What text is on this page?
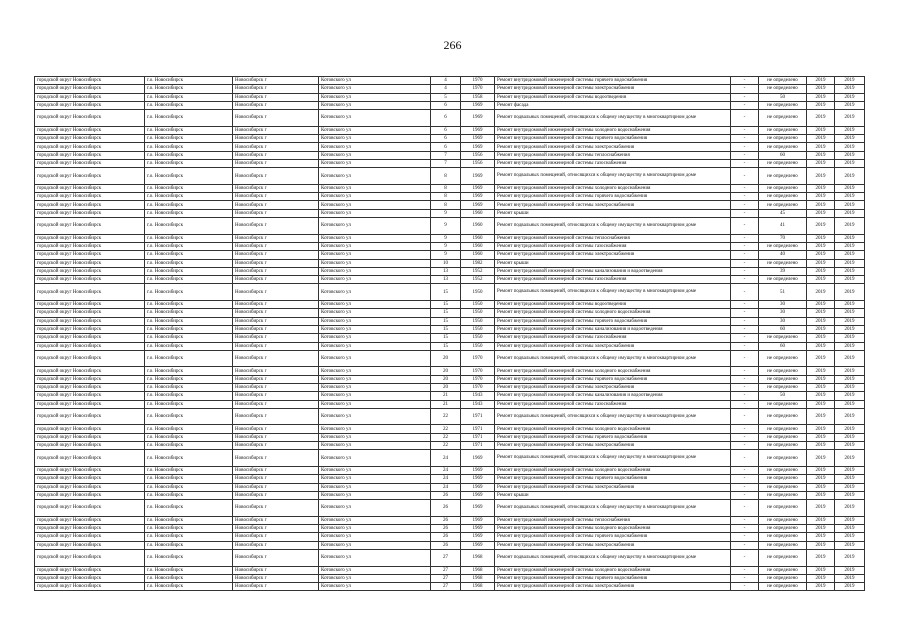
266
городской округ Новосибирск	г.о. Новосибирск	Новосибирск г	Котовского ул	4	1970	Ремонт внутридомовой инженерной системы горячего водоснабжения	-	не определено	2019	2019
городской округ Новосибирск	г.о. Новосибирск	Новосибирск г	Котовского ул	4	1970	Ремонт внутридомовой инженерной системы электроснабжения	-	не определено	2019	2019
городской округ Новосибирск	г.о. Новосибирск	Новосибирск г	Котовского ул	5	1958	Ремонт внутридомовой инженерной системы водоотведения	-	50	2019	2019
городской округ Новосибирск	г.о. Новосибирск	Новосибирск г	Котовского ул	6	1969	Ремонт фасада	-	не определено	2019	2019
городской округ Новосибирск	г.о. Новосибирск	Новосибирск г	Котовского ул	6	1969	Ремонт подвальных помещений, относящихся к общему имуществу в многоквартирном доме	-	не определено	2019	2019
городской округ Новосибирск	г.о. Новосибирск	Новосибирск г	Котовского ул	6	1969	Ремонт внутридомовой инженерной системы холодного водоснабжения	-	не определено	2019	2019
городской округ Новосибирск	г.о. Новосибирск	Новосибирск г	Котовского ул	6	1969	Ремонт внутридомовой инженерной системы горячего водоснабжения	-	не определено	2019	2019
городской округ Новосибирск	г.о. Новосибирск	Новосибирск г	Котовского ул	6	1969	Ремонт внутридомовой инженерной системы электроснабжения	-	не определено	2019	2019
городской округ Новосибирск	г.о. Новосибирск	Новосибирск г	Котовского ул	7	1956	Ремонт внутридомовой инженерной системы теплоснабжения	-	60	2019	2019
городской округ Новосибирск	г.о. Новосибирск	Новосибирск г	Котовского ул	7	1956	Ремонт внутридомовой инженерной системы газоснабжения	-	не определено	2019	2019
городской округ Новосибирск	г.о. Новосибирск	Новосибирск г	Котовского ул	8	1969	Ремонт подвальных помещений, относящихся к общему имуществу в многоквартирном доме	-	не определено	2019	2019
городской округ Новосибирск	г.о. Новосибирск	Новосибирск г	Котовского ул	8	1969	Ремонт внутридомовой инженерной системы холодного водоснабжения	-	не определено	2019	2019
городской округ Новосибирск	г.о. Новосибирск	Новосибирск г	Котовского ул	8	1969	Ремонт внутридомовой инженерной системы горячего водоснабжения	-	не определено	2019	2019
городской округ Новосибирск	г.о. Новосибирск	Новосибирск г	Котовского ул	8	1969	Ремонт внутридомовой инженерной системы электроснабжения	-	не определено	2019	2019
городской округ Новосибирск	г.о. Новосибирск	Новосибирск г	Котовского ул	9	1960	Ремонт крыши	-	45	2019	2019
городской округ Новосибирск	г.о. Новосибирск	Новосибирск г	Котовского ул	9	1960	Ремонт подвальных помещений, относящихся к общему имуществу в многоквартирном доме	-	41	2019	2019
городской округ Новосибирск	г.о. Новосибирск	Новосибирск г	Котовского ул	9	1960	Ремонт внутридомовой инженерной системы теплоснабжения	-	70	2019	2019
городской округ Новосибирск	г.о. Новосибирск	Новосибирск г	Котовского ул	9	1960	Ремонт внутридомовой инженерной системы газоснабжения	-	не определено	2019	2019
городской округ Новосибирск	г.о. Новосибирск	Новосибирск г	Котовского ул	9	1960	Ремонт внутридомовой инженерной системы электроснабжения	-	40	2019	2019
городской округ Новосибирск	г.о. Новосибирск	Новосибирск г	Котовского ул	10	1982	Ремонт крыши	-	не определено	2019	2019
городской округ Новосибирск	г.о. Новосибирск	Новосибирск г	Котовского ул	13	1952	Ремонт внутридомовой инженерной системы канализования и водоотведения	-	39	2019	2019
городской округ Новосибирск	г.о. Новосибирск	Новосибирск г	Котовского ул	13	1952	Ремонт внутридомовой инженерной системы газоснабжения	-	не определено	2019	2019
городской округ Новосибирск	г.о. Новосибирск	Новосибирск г	Котовского ул	15	1950	Ремонт подвальных помещений, относящихся к общему имуществу в многоквартирном доме	-	51	2019	2019
городской округ Новосибирск	г.о. Новосибирск	Новосибирск г	Котовского ул	15	1950	Ремонт внутридомовой инженерной системы водоотведения	-	30	2019	2019
городской округ Новосибирск	г.о. Новосибирск	Новосибирск г	Котовского ул	15	1950	Ремонт внутридомовой инженерной системы холодного водоснабжения	-	30	2019	2019
городской округ Новосибирск	г.о. Новосибирск	Новосибирск г	Котовского ул	15	1950	Ремонт внутридомовой инженерной системы горячего водоснабжения	-	30	2019	2019
городской округ Новосибирск	г.о. Новосибирск	Новосибирск г	Котовского ул	15	1950	Ремонт внутридомовой инженерной системы канализования и водоотведения	-	60	2019	2019
городской округ Новосибирск	г.о. Новосибирск	Новосибирск г	Котовского ул	15	1950	Ремонт внутридомовой инженерной системы газоснабжения	-	не определено	2019	2019
городской округ Новосибирск	г.о. Новосибирск	Новосибирск г	Котовского ул	15	1950	Ремонт внутридомовой инженерной системы электроснабжения	-	60	2019	2019
городской округ Новосибирск	г.о. Новосибирск	Новосибирск г	Котовского ул	20	1970	Ремонт подвальных помещений, относящихся к общему имуществу в многоквартирном доме	-	не определено	2019	2019
городской округ Новосибирск	г.о. Новосибирск	Новосибирск г	Котовского ул	20	1970	Ремонт внутридомовой инженерной системы холодного водоснабжения	-	не определено	2019	2019
городской округ Новосибирск	г.о. Новосибирск	Новосибирск г	Котовского ул	20	1970	Ремонт внутридомовой инженерной системы горячего водоснабжения	-	не определено	2019	2019
городской округ Новосибирск	г.о. Новосибирск	Новосибирск г	Котовского ул	20	1970	Ремонт внутридомовой инженерной системы электроснабжения	-	не определено	2019	2019
городской округ Новосибирск	г.о. Новосибирск	Новосибирск г	Котовского ул	21	1943	Ремонт внутридомовой инженерной системы канализования и водоотведения	-	50	2019	2019
городской округ Новосибирск	г.о. Новосибирск	Новосибирск г	Котовского ул	21	1943	Ремонт внутридомовой инженерной системы газоснабжения	-	не определено	2019	2019
городской округ Новосибирск	г.о. Новосибирск	Новосибирск г	Котовского ул	22	1971	Ремонт подвальных помещений, относящихся к общему имуществу в многоквартирном доме	-	не определено	2019	2019
городской округ Новосибирск	г.о. Новосибирск	Новосибирск г	Котовского ул	22	1971	Ремонт внутридомовой инженерной системы холодного водоснабжения	-	не определено	2019	2019
городской округ Новосибирск	г.о. Новосибирск	Новосибирск г	Котовского ул	22	1971	Ремонт внутридомовой инженерной системы горячего водоснабжения	-	не определено	2019	2019
городской округ Новосибирск	г.о. Новосибирск	Новосибирск г	Котовского ул	22	1971	Ремонт внутридомовой инженерной системы электроснабжения	-	не определено	2019	2019
городской округ Новосибирск	г.о. Новосибирск	Новосибирск г	Котовского ул	24	1969	Ремонт подвальных помещений, относящихся к общему имуществу в многоквартирном доме	-	не определено	2019	2019
городской округ Новосибирск	г.о. Новосибирск	Новосибирск г	Котовского ул	24	1969	Ремонт внутридомовой инженерной системы холодного водоснабжения	-	не определено	2019	2019
городской округ Новосибирск	г.о. Новосибирск	Новосибирск г	Котовского ул	24	1969	Ремонт внутридомовой инженерной системы горячего водоснабжения	-	не определено	2019	2019
городской округ Новосибирск	г.о. Новосибирск	Новосибирск г	Котовского ул	24	1969	Ремонт внутридомовой инженерной системы электроснабжения	-	не определено	2019	2019
городской округ Новосибирск	г.о. Новосибирск	Новосибирск г	Котовского ул	26	1969	Ремонт крыши	-	не определено	2019	2019
городской округ Новосибирск	г.о. Новосибирск	Новосибирск г	Котовского ул	26	1969	Ремонт подвальных помещений, относящихся к общему имуществу в многоквартирном доме	-	не определено	2019	2019
городской округ Новосибирск	г.о. Новосибирск	Новосибирск г	Котовского ул	26	1969	Ремонт внутридомовой инженерной системы теплоснабжения	-	не определено	2019	2019
городской округ Новосибирск	г.о. Новосибирск	Новосибирск г	Котовского ул	26	1969	Ремонт внутридомовой инженерной системы холодного водоснабжения	-	не определено	2019	2019
городской округ Новосибирск	г.о. Новосибирск	Новосибирск г	Котовского ул	26	1969	Ремонт внутридомовой инженерной системы горячего водоснабжения	-	не определено	2019	2019
городской округ Новосибирск	г.о. Новосибирск	Новосибирск г	Котовского ул	26	1969	Ремонт внутридомовой инженерной системы электроснабжения	-	не определено	2019	2019
городской округ Новосибирск	г.о. Новосибирск	Новосибирск г	Котовского ул	27	1968	Ремонт подвальных помещений, относящихся к общему имуществу в многоквартирном доме	-	не определено	2019	2019
городской округ Новосибирск	г.о. Новосибирск	Новосибирск г	Котовского ул	27	1968	Ремонт внутридомовой инженерной системы холодного водоснабжения	-	не определено	2019	2019
городской округ Новосибирск	г.о. Новосибирск	Новосибирск г	Котовского ул	27	1968	Ремонт внутридомовой инженерной системы горячего водоснабжения	-	не определено	2019	2019
городской округ Новосибирск	г.о. Новосибирск	Новосибирск г	Котовского ул	27	1968	Ремонт внутридомовой инженерной системы электроснабжения	-	не определено	2019	2019
